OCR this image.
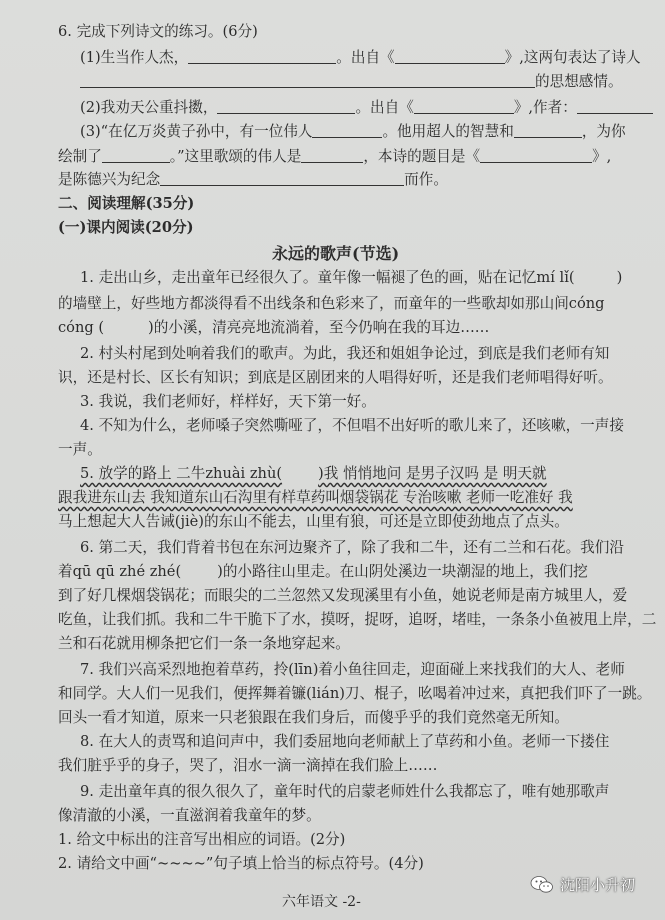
6. 完成下列诗文的练习。(6分)
(1)生当作人杰，	。出自《	》,这两句表达了诗人
的思想感情。
(2)我劝天公重抖擞，	。出自《	》,作者：
(3)“在亿万炎黄子孙中，有一位伟人	。他用超人的智慧和	，为你
绘制了	。”这里歌颂的伟人是	，本诗的题目是《	》,
是陈德兴为纪念	而作。
二、阅读理解(35分)
(一)课内阅读(20分)
永远的歌声(节选)
1. 走出山乡，走出童年已经很久了。童年像一幅褪了色的画，贴在记忆mí lǐ(	)
的墙壁上，好些地方都淡得看不出线条和色彩来了，而童年的一些歌却如那山间cóng
cóng (	)的小溪，清亮亮地流淌着，至今仍响在我的耳边……
2. 村头村尾到处响着我们的歌声。为此，我还和姐姐争论过，到底是我们老师有知
识，还是村长、区长有知识；到底是区剧团来的人唱得好听，还是我们老师唱得好听。
3. 我说，我们老师好，样样好，天下第一好。
4. 不知为什么，老师嗓子突然嘶哑了，不但唱不出好听的歌儿来了，还咳嗽，一声接
一声。
5. 放学的路上 二牛zhuài zhù( )我 悄悄地问 是男子汉吗 是 明天就
跟我进东山去 我知道东山石沟里有样草药叫烟袋锅花 专治咳嗽 老师一吃准好 我
马上想起大人告诫(jiè)的东山不能去，山里有狼，可还是立即使劲地点了点头。
6. 第二天，我们背着书包在东河边聚齐了，除了我和二牛，还有二兰和石花。我们沿
着qū qū zhé zhé( )的小路往山里走。在山阴处溪边一块潮湿的地上，我们挖
到了好几棵烟袋锅花；而眼尖的二兰忽然又发现溪里有小鱼，她说老师是南方城里人，爱
吃鱼，让我们抓。我和二牛干脆下了水，摸呀，捉呀，追呀，堵哇，一条条小鱼被甩上岸，二
兰和石花就用柳条把它们一条一条地穿起来。
7. 我们兴高采烈地抱着草药，拎(līn)着小鱼往回走，迎面碰上来找我们的大人、老师
和同学。大人们一见我们，便挥舞着镰(lián)刀、棍子，吆喝着冲过来，真把我们吓了一跳。
回头一看才知道，原来一只老狼跟在我们身后，而傻乎乎的我们竟然毫无所知。
8. 在大人的责骂和追问声中，我们委屈地向老师献上了草药和小鱼。老师一下搂住
我们脏乎乎的身子，哭了，泪水一滴一滴掉在我们脸上……
9. 走出童年真的很久很久了，童年时代的启蒙老师姓什么我都忘了，唯有她那歌声
像清澈的小溪，一直滋润着我童年的梦。
1. 给文中标出的注音写出相应的词语。(2分)
2. 请给文中画“~~~~”句子填上恰当的标点符号。(4分)
六年语文 -2-
沈阳小升初
